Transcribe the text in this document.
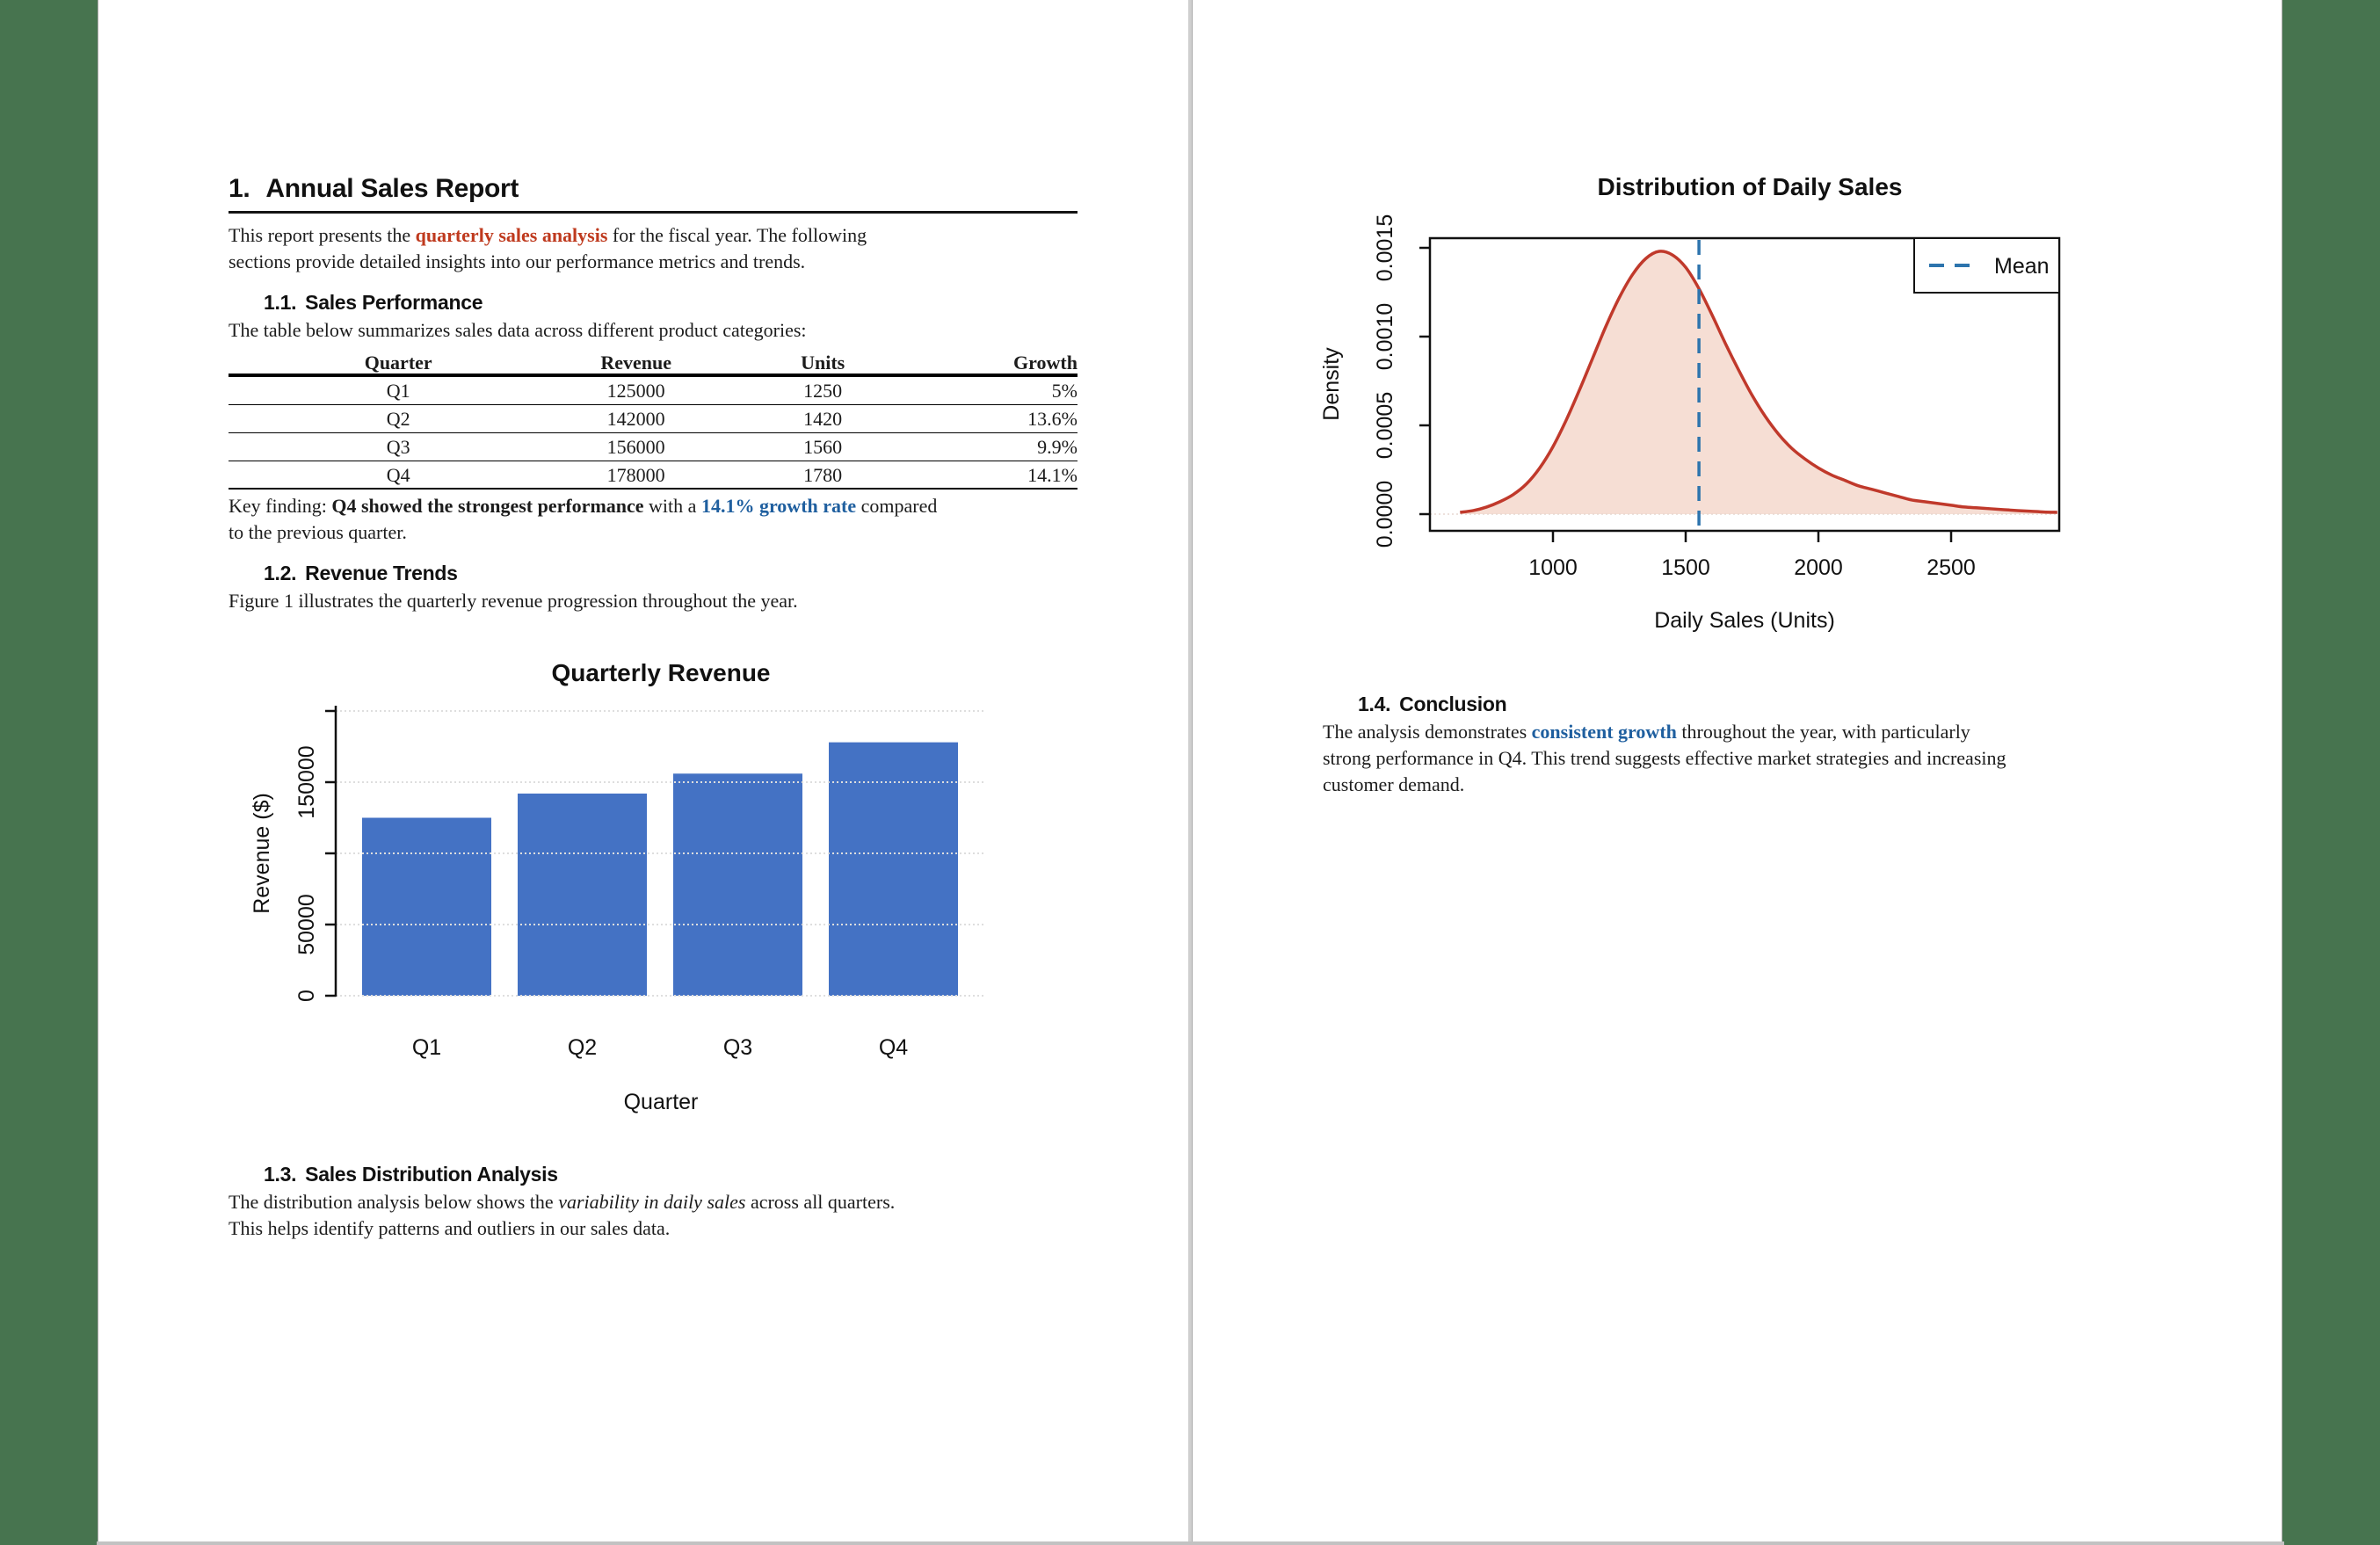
1. Annual Sales Report

This report presents the quarterly sales analysis for the fiscal year. The following
sections provide detailed insights into our performance metrics and trends.

1.1. Sales Performance

The table below summarizes sales data across different product categories:

Quarter	Revenue	Units	Growth
Q1	125000	1250	5%
Q2	142000	1420	13.6%
Q3	156000	1560	9.9%
Q4	178000	1780	14.1%

Key finding: Q4 showed the strongest performance with a 14.1% growth rate compared
to the previous quarter.

1.2. Revenue Trends

Figure 1 illustrates the quarterly revenue progression throughout the year.

0
50000
150000
Revenue ($)
Q1	Q2	Q3	Q4
Quarter
Quarterly Revenue
1.3. Sales Distribution Analysis

The distribution analysis below shows the variability in daily sales across all quarters.
This helps identify patterns and outliers in our sales data.

0.0000
0.0005
0.0010
0.0015
Density
1000	1500	2000	2500
Daily Sales (Units)
Distribution of Daily Sales
Mean
1.4. Conclusion

The analysis demonstrates consistent growth throughout the year, with particularly
strong performance in Q4. This trend suggests effective market strategies and increasing
customer demand.
